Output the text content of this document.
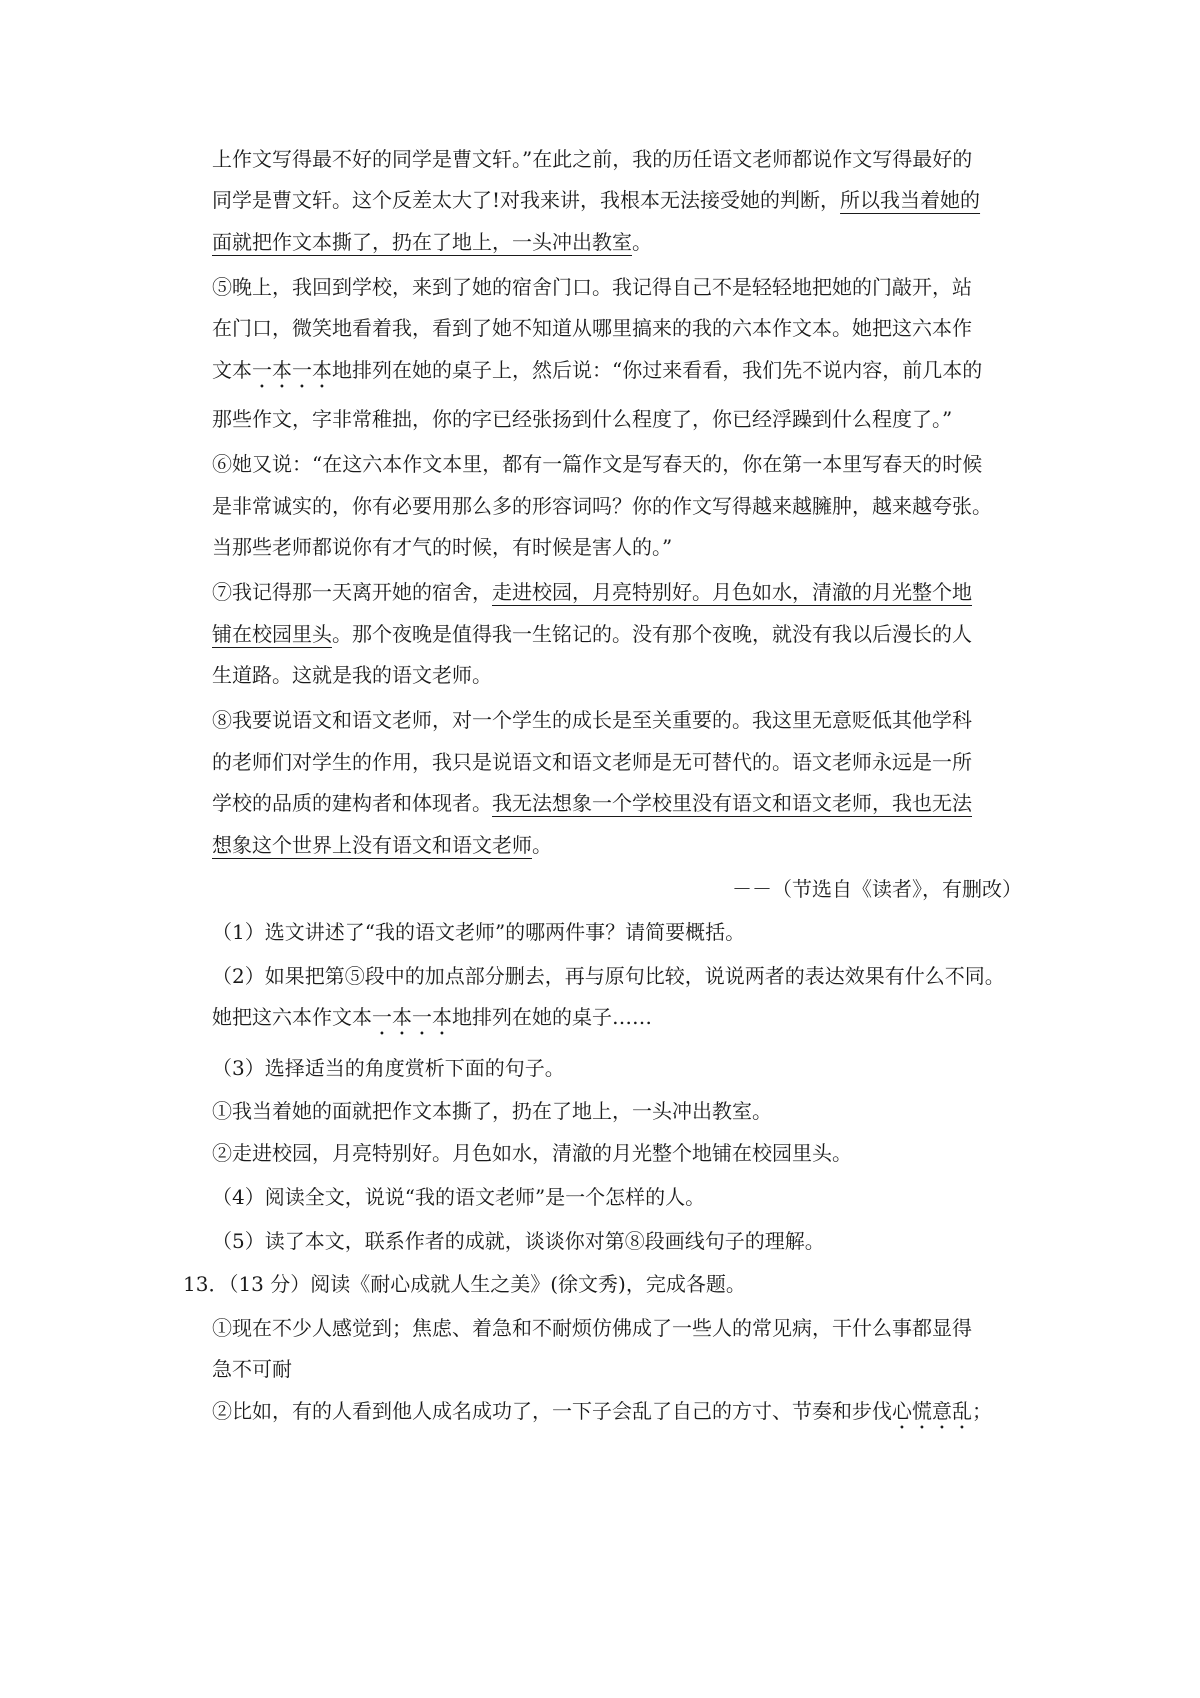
上作文写得最不好的同学是曹文轩。”在此之前，我的历任语文老师都说作文写得最好的
同学是曹文轩。这个反差太大了!对我来讲，我根本无法接受她的判断，所以我当着她的
面就把作文本撕了，扔在了地上，一头冲出教室。
⑤晚上，我回到学校，来到了她的宿舍门口。我记得自己不是轻轻地把她的门敲开，站
在门口，微笑地看着我，看到了她不知道从哪里搞来的我的六本作文本。她把这六本作
文本一本一本地排列在她的桌子上，然后说：“你过来看看，我们先不说内容，前几本的
那些作文，字非常稚拙，你的字已经张扬到什么程度了，你已经浮躁到什么程度了。”
⑥她又说：“在这六本作文本里，都有一篇作文是写春天的，你在第一本里写春天的时候
是非常诚实的，你有必要用那么多的形容词吗？你的作文写得越来越臃肿，越来越夸张。
当那些老师都说你有才气的时候，有时候是害人的。”
⑦我记得那一天离开她的宿舍，走进校园，月亮特别好。月色如水，清澈的月光整个地
铺在校园里头。那个夜晚是值得我一生铭记的。没有那个夜晚，就没有我以后漫长的人
生道路。这就是我的语文老师。
⑧我要说语文和语文老师，对一个学生的成长是至关重要的。我这里无意贬低其他学科
的老师们对学生的作用，我只是说语文和语文老师是无可替代的。语文老师永远是一所
学校的品质的建构者和体现者。我无法想象一个学校里没有语文和语文老师，我也无法
想象这个世界上没有语文和语文老师。
－－（节选自《读者》，有删改）
（1）选文讲述了“我的语文老师”的哪两件事？请简要概括。
（2）如果把第⑤段中的加点部分删去，再与原句比较，说说两者的表达效果有什么不同。
她把这六本作文本一本一本地排列在她的桌子……
（3）选择适当的角度赏析下面的句子。
①我当着她的面就把作文本撕了，扔在了地上，一头冲出教室。
②走进校园，月亮特别好。月色如水，清澈的月光整个地铺在校园里头。
（4）阅读全文，说说“我的语文老师”是一个怎样的人。
（5）读了本文，联系作者的成就，谈谈你对第⑧段画线句子的理解。
13．（13 分）阅读《耐心成就人生之美》(徐文秀)，完成各题。
①现在不少人感觉到；焦虑、着急和不耐烦仿佛成了一些人的常见病，干什么事都显得
急不可耐
②比如，有的人看到他人成名成功了，一下子会乱了自己的方寸、节奏和步伐心慌意乱；
